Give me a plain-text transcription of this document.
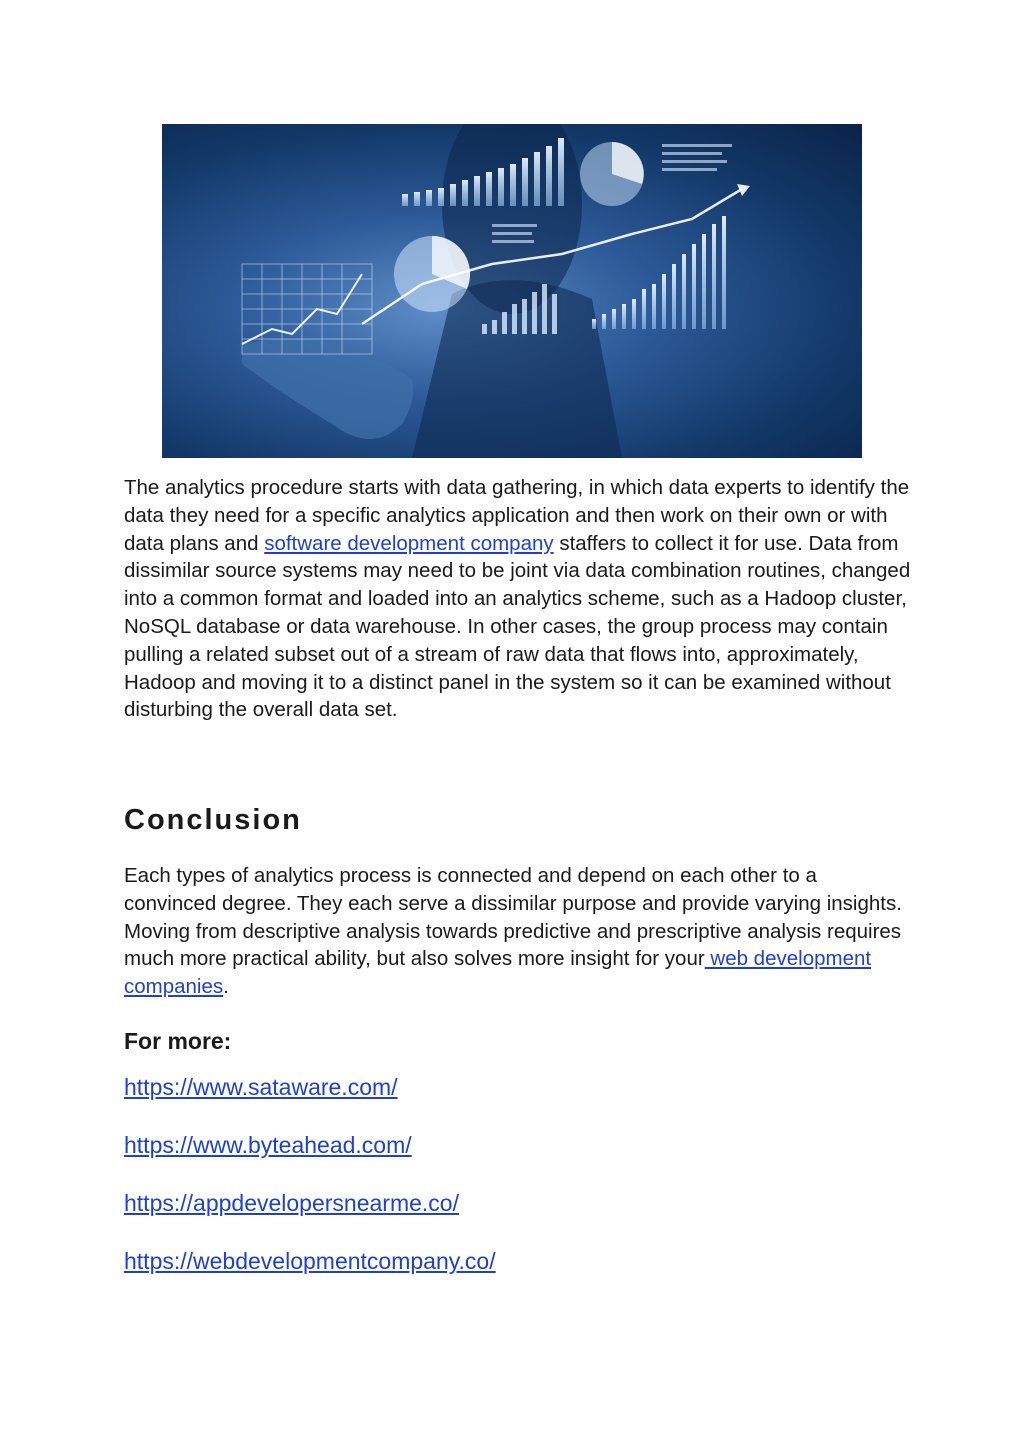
The analytics procedure starts with data gathering, in which data experts to identify the data they need for a specific analytics application and then work on their own or with data plans and software development company staffers to collect it for use. Data from dissimilar source systems may need to be joint via data combination routines, changed into a common format and loaded into an analytics scheme, such as a Hadoop cluster, NoSQL database or data warehouse. In other cases, the group process may contain pulling a related subset out of a stream of raw data that flows into, approximately, Hadoop and moving it to a distinct panel in the system so it can be examined without disturbing the overall data set.

Conclusion

Each types of analytics process is connected and depend on each other to a convinced degree. They each serve a dissimilar purpose and provide varying insights. Moving from descriptive analysis towards predictive and prescriptive analysis requires much more practical ability, but also solves more insight for your web development companies.

For more:
https://www.sataware.com/
https://www.byteahead.com/
https://appdevelopersnearme.co/
https://webdevelopmentcompany.co/
